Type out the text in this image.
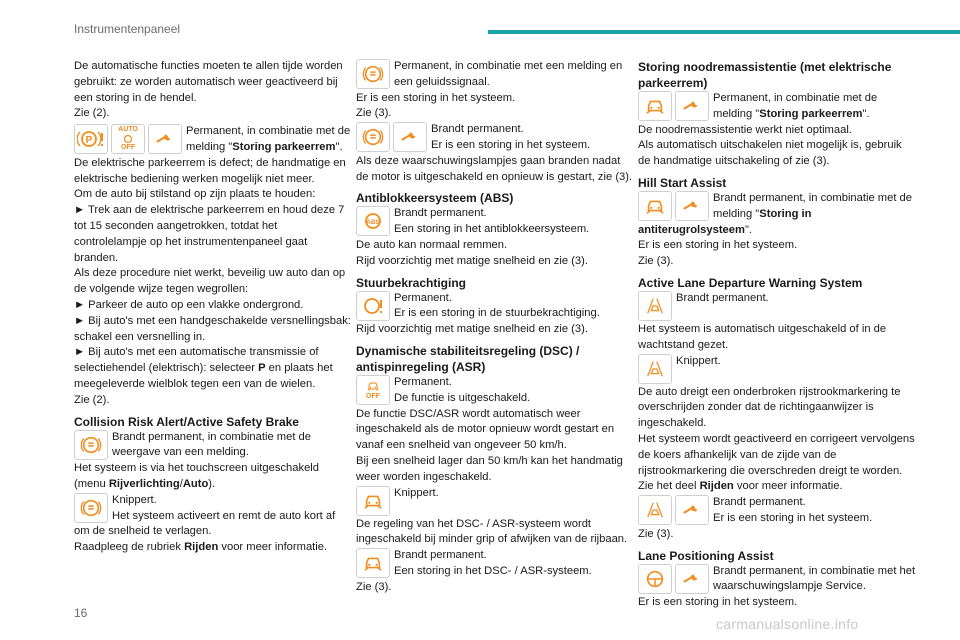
Instrumentenpaneel

De automatische functies moeten te allen tijde worden gebruikt: ze worden automatisch weer geactiveerd bij een storing in de hendel.

Zie (2).

P
AUTO
OFF

Permanent, in combinatie met de melding "Storing parkeerrem".

De elektrische parkeerrem is defect; de handmatige en elektrische bediening werken mogelijk niet meer.

Om de auto bij stilstand op zijn plaats te houden:

► Trek aan de elektrische parkeerrem en houd deze 7 tot 15 seconden aangetrokken, totdat het controlelampje op het instrumentenpaneel gaat branden.

Als deze procedure niet werkt, beveilig uw auto dan op de volgende wijze tegen wegrollen:

► Parkeer de auto op een vlakke ondergrond.

► Bij auto's met een handgeschakelde versnellingsbak: schakel een versnelling in.

► Bij auto's met een automatische transmissie of selectiehendel (elektrisch): selecteer P en plaats het meegeleverde wielblok tegen een van de wielen.

Zie (2).

Collision Risk Alert/Active Safety Brake

Brandt permanent, in combinatie met de weergave van een melding.

Het systeem is via het touchscreen uitgeschakeld (menu Rijverlichting/Auto).

Knippert.

Het systeem activeert en remt de auto kort af om de snelheid te verlagen.

Raadpleeg de rubriek Rijden voor meer informatie.

Permanent, in combinatie met een melding en een geluidssignaal.

Er is een storing in het systeem.

Zie (3).

Brandt permanent.

Er is een storing in het systeem.

Als deze waarschuwingslampjes gaan branden nadat de motor is uitgeschakeld en opnieuw is gestart, zie (3).

Antiblokkeersysteem (ABS)

ABS

Brandt permanent.

Een storing in het antiblokkeersysteem.

De auto kan normaal remmen.

Rijd voorzichtig met matige snelheid en zie (3).

Stuurbekrachtiging

Permanent.

Er is een storing in de stuurbekrachtiging.

Rijd voorzichtig met matige snelheid en zie (3).

Dynamische stabiliteitsregeling (DSC) / antispinregeling (ASR)

OFF

Permanent.

De functie is uitgeschakeld.

De functie DSC/ASR wordt automatisch weer ingeschakeld als de motor opnieuw wordt gestart en vanaf een snelheid van ongeveer 50 km/h.

Bij een snelheid lager dan 50 km/h kan het handmatig weer worden ingeschakeld.

Knippert.

De regeling van het DSC- / ASR-systeem wordt ingeschakeld bij minder grip of afwijken van de rijbaan.

Brandt permanent.

Een storing in het DSC- / ASR-systeem.

Zie (3).

Storing noodremassistentie (met elektrische parkeerrem)

Permanent, in combinatie met de melding "Storing parkeerrem".

De noodremassistentie werkt niet optimaal.

Als automatisch uitschakelen niet mogelijk is, gebruik de handmatige uitschakeling of zie (3).

Hill Start Assist

Brandt permanent, in combinatie met de melding "Storing in antiterugrolsysteem".

Er is een storing in het systeem.

Zie (3).

Active Lane Departure Warning System

Brandt permanent.

Het systeem is automatisch uitgeschakeld of in de wachtstand gezet.

Knippert.

De auto dreigt een onderbroken rijstrookmarkering te overschrijden zonder dat de richtingaanwijzer is ingeschakeld.

Het systeem wordt geactiveerd en corrigeert vervolgens de koers afhankelijk van de zijde van de rijstrookmarkering die overschreden dreigt te worden.

Zie het deel Rijden voor meer informatie.

Brandt permanent.

Er is een storing in het systeem.

Zie (3).

Lane Positioning Assist

Brandt permanent, in combinatie met het waarschuwingslampje Service.

Er is een storing in het systeem.

16
carmanualsonline.info
